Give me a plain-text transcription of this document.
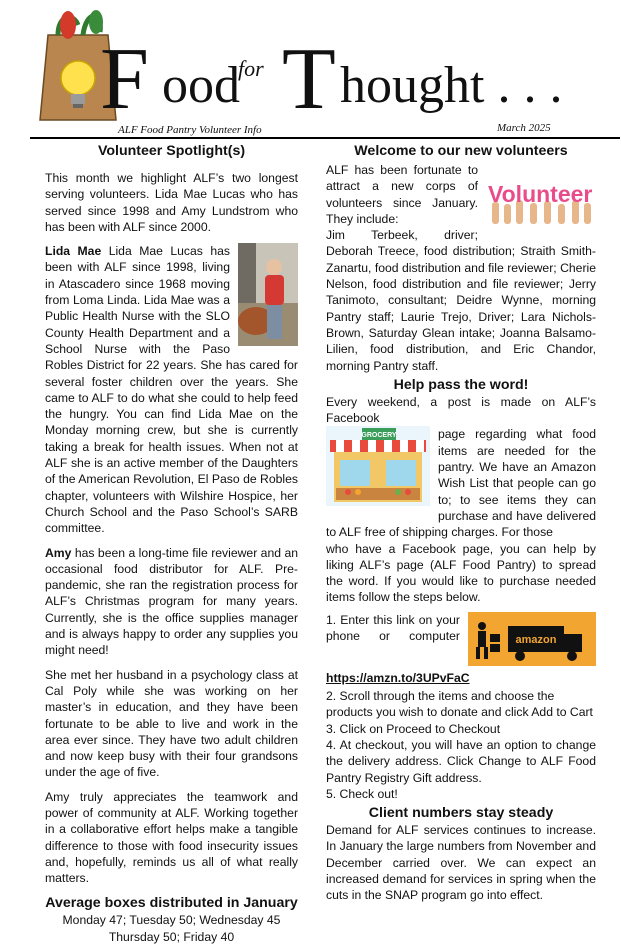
F ood
for T hought . . .
ALF Food Pantry Volunteer Info	March 2025
Volunteer Spotlight(s)

This month we highlight ALF’s two longest serving volunteers. Lida Mae Lucas who has served since 1998 and Amy Lundstrom who has been with ALF since 2000.

Lida Mae Lida Mae Lucas has been with ALF since 1998, living in Atascadero since 1968 moving from Loma Linda. Lida Mae was a Public Health Nurse with the SLO County Health Department and a School Nurse with the Paso Robles District for 22 years. She has cared for several foster children over the years. She came to ALF to do what she could to help feed the hungry. You can find Lida Mae on the Monday morning crew, but she is currently taking a break for health issues. When not at ALF she is an active member of the Daughters of the American Revolution, El Paso de Robles chapter, volunteers with Wilshire Hospice, her Church School and the Paso School’s SARB committee.

Amy has been a long-time file reviewer and an occasional food distributor for ALF. Pre-pandemic, she ran the registration process for ALF’s Christmas program for many years. Currently, she is the office supplies manager and is always happy to order any supplies you might need!

She met her husband in a psychology class at Cal Poly while she was working on her master’s in education, and they have been fortunate to be able to live and work in the area ever since. They have two adult children and now keep busy with their four grandsons under the age of five.

Amy truly appreciates the teamwork and power of community at ALF. Working together in a collaborative effort helps make a tangible difference to those with food insecurity issues and, hopefully, reminds us all of what really matters.

Average boxes distributed in January
Monday 47; Tuesday 50; Wednesday 45
Thursday 50; Friday 40
Welcome to our new volunteers
Volunteer

ALF has been fortunate to attract a new corps of volunteers since January. They include:

Jim Terbeek, driver; Deborah Treece, food distribution; Straith Smith-Zanartu, food distribution and file reviewer; Cherie Nelson, food distribution and file reviewer; Jerry Tanimoto, consultant; Deidre Wynne, morning Pantry staff; Laurie Trejo, Driver; Lara Nichols-Brown, Saturday Glean intake; Joanna Balsamo-Lilien, food distribution, and Eric Chandor, morning Pantry staff.

Help pass the word!

Every weekend, a post is made on ALF’s Facebook

GROCERY	page regarding what food items are needed for the pantry. We have an Amazon Wish List that people can go to; to see items they can purchase and have delivered to ALF free of shipping charges. For those

who have a Facebook page, you can help by liking ALF’s page (ALF Food Pantry) to spread the word. If you would like to purchase needed items follow the steps below.

amazon

1. Enter this link on your phone or computer https://amzn.to/3UPvFaC

2. Scroll through the items and choose the products you wish to donate and click Add to Cart

3. Click on Proceed to Checkout

4. At checkout, you will have an option to change the delivery address. Click Change to ALF Food Pantry Registry Gift address.

5. Check out!

Client numbers stay steady

Demand for ALF services continues to increase. In January the large numbers from November and December carried over. We can expect an increased demand for services in spring when the cuts in the SNAP program go into effect.
